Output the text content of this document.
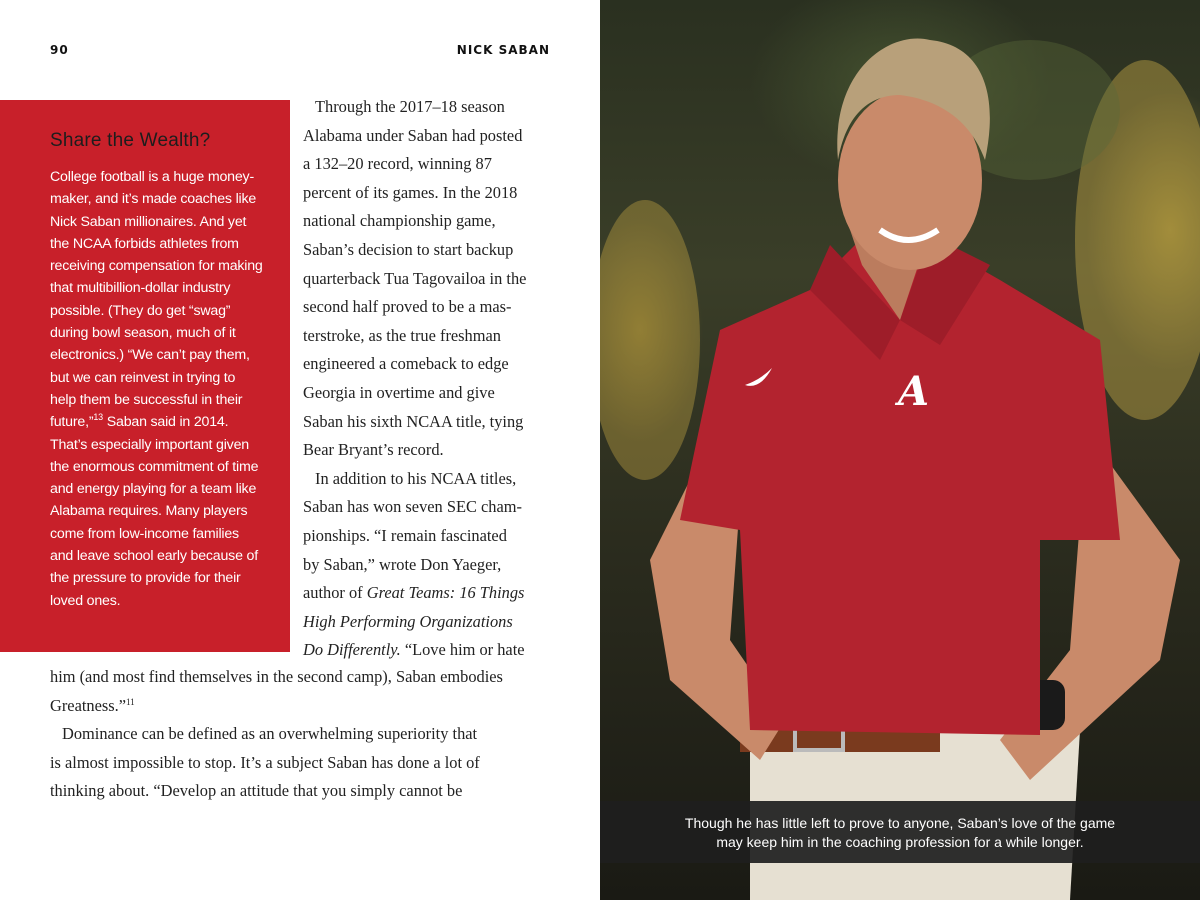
90	NICK SABAN
Share the Wealth?
College football is a huge money-
maker, and it’s made coaches like
Nick Saban millionaires. And yet
the NCAA forbids athletes from
receiving compensation for making
that multibillion-dollar industry
possible. (They do get “swag”
during bowl season, much of it
electronics.) “We can’t pay them,
but we can reinvest in trying to
help them be successful in their
future,”$^{13}$ Saban said in 2014.
That’s especially important given
the enormous commitment of time
and energy playing for a team like
Alabama requires. Many players
come from low-income families
and leave school early because of
the pressure to provide for their
loved ones.
Through the 2017–18 season
Alabama under Saban had posted
a 132–20 record, winning 87
percent of its games. In the 2018
national championship game,
Saban’s decision to start backup
quarterback Tua Tagovailoa in the
second half proved to be a mas-
terstroke, as the true freshman
engineered a comeback to edge
Georgia in overtime and give
Saban his sixth NCAA title, tying
Bear Bryant’s record.
In addition to his NCAA titles,
Saban has won seven SEC cham-
pionships. “I remain fascinated
by Saban,” wrote Don Yaeger,
author of Great Teams: 16 Things
High Performing Organizations
Do Differently. “Love him or hate
him (and most find themselves in the second camp), Saban embodies
Greatness.”$^{11}$
Dominance can be defined as an overwhelming superiority that
is almost impossible to stop. It’s a subject Saban has done a lot of
thinking about. “Develop an attitude that you simply cannot be
A
Though he has little left to prove to anyone, Saban’s love of the game
may keep him in the coaching profession for a while longer.
